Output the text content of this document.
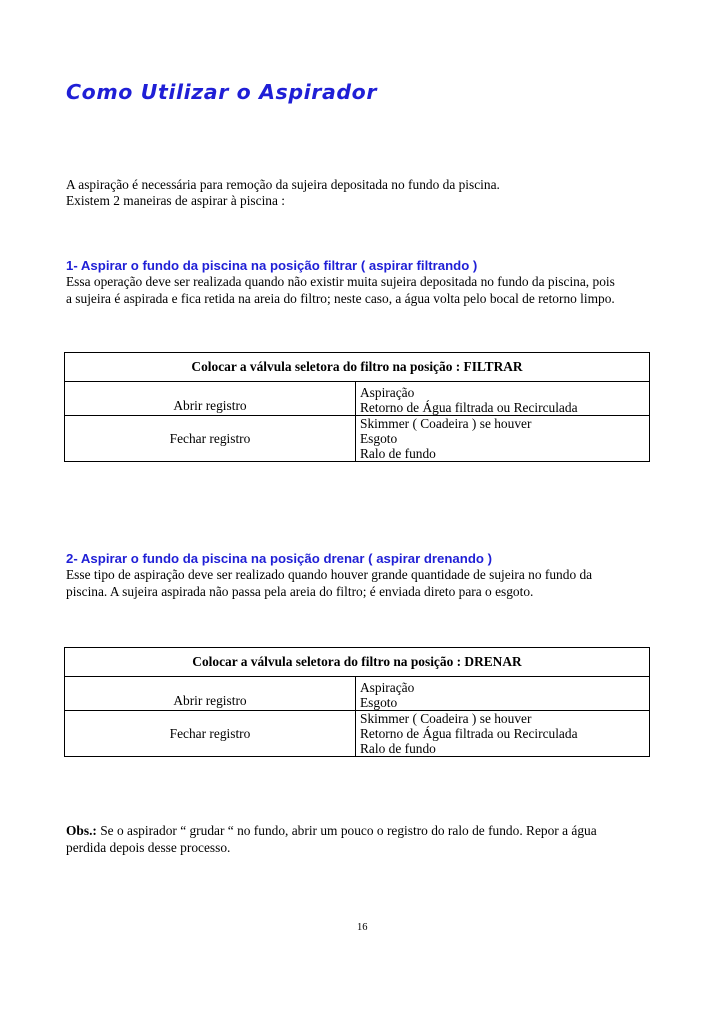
Como Utilizar o Aspirador
A aspiração é necessária para remoção da sujeira depositada no fundo da piscina.
Existem 2 maneiras de aspirar à piscina :
1- Aspirar o fundo da piscina na posição filtrar ( aspirar filtrando )
Essa operação deve ser realizada quando não existir muita sujeira depositada no fundo da piscina, pois
a sujeira é aspirada e fica retida na areia do filtro; neste caso, a água volta pelo bocal de retorno limpo.
Colocar a válvula seletora do filtro na posição : FILTRAR	

Abrir registro	Aspiração
Retorno de Água filtrada ou Recirculada

Fechar registro	Skimmer ( Coadeira ) se houver
Esgoto
Ralo de fundo
2- Aspirar o fundo da piscina na posição drenar ( aspirar drenando )
Esse tipo de aspiração deve ser realizado quando houver grande quantidade de sujeira no fundo da
piscina. A sujeira aspirada não passa pela areia do filtro; é enviada direto para o esgoto.
Colocar a válvula seletora do filtro na posição : DRENAR	

Abrir registro	Aspiração
Esgoto

Fechar registro	Skimmer ( Coadeira ) se houver
Retorno de Água filtrada ou Recirculada
Ralo de fundo
Obs.: Se o aspirador “ grudar “ no fundo, abrir um pouco o registro do ralo de fundo. Repor a água
perdida depois desse processo.
16
